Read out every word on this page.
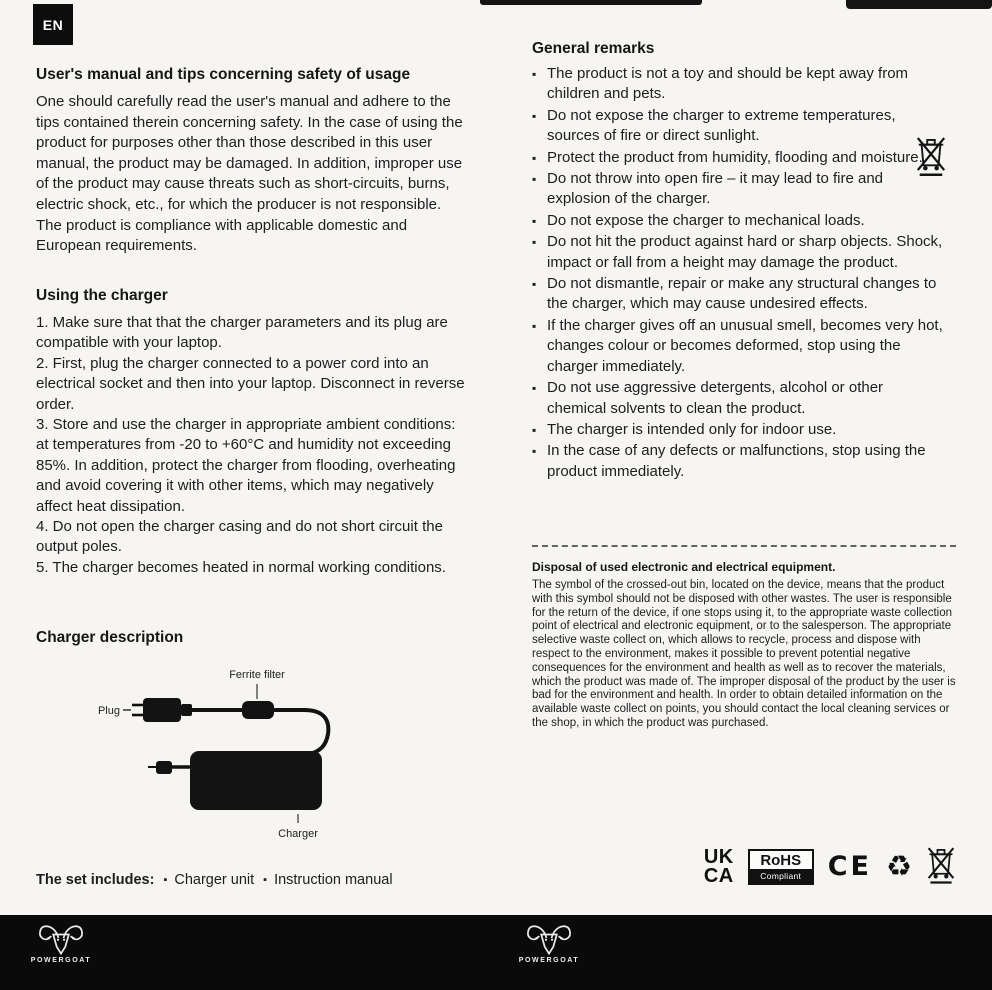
EN
User's manual and tips concerning safety of usage

One should carefully read the user's manual and adhere to the tips contained therein concerning safety. In the case of using the product for purposes other than those described in this user manual, the product may be damaged. In addition, improper use of the product may cause threats such as short-circuits, burns, electric shock, etc., for which the producer is not responsible. The product is compliance with applicable domestic and European requirements.

Using the charger

1. Make sure that that the charger parameters and its plug are compatible with your laptop.

2. First, plug the charger connected to a power cord into an electrical socket and then into your laptop. Disconnect in reverse order.

3. Store and use the charger in appropriate ambient conditions: at temperatures from -20 to +60°C and humidity not exceeding 85%. In addition, protect the charger from flooding, overheating and avoid covering it with other items, which may negatively affect heat dissipation.

4. Do not open the charger casing and do not short circuit the output poles.

5. The charger becomes heated in normal working conditions.

Charger description
Ferrite filter
Plug
Charger

The set includes: ▪ Charger unit ▪ Instruction manual

General remarks
▪ The product is not a toy and should be kept away from children and pets.
▪ Do not expose the charger to extreme temperatures, sources of fire or direct sunlight.
▪ Protect the product from humidity, flooding and moisture.
▪ Do not throw into open fire – it may lead to fire and explosion of the charger.
▪ Do not expose the charger to mechanical loads.
▪ Do not hit the product against hard or sharp objects. Shock, impact or fall from a height may damage the product.
▪ Do not dismantle, repair or make any structural changes to the charger, which may cause undesired effects.
▪ If the charger gives off an unusual smell, becomes very hot, changes colour or becomes deformed, stop using the charger immediately.
▪ Do not use aggressive detergents, alcohol or other chemical solvents to clean the product.
▪ The charger is intended only for indoor use.
▪ In the case of any defects or malfunctions, stop using the product immediately.
Disposal of used electronic and electrical equipment.

The symbol of the crossed-out bin, located on the device, means that the product with this symbol should not be disposed with other wastes. The user is responsible for the return of the device, if one stops using it, to the appropriate waste collection point of electrical and electronic equipment, or to the salesperson. The appropriate selective waste collect on, which allows to recycle, process and dispose with respect to the environment, makes it possible to prevent potential negative consequences for the environment and health as well as to recover the materials, which the product was made of. The improper disposal of the product by the user is bad for the environment and health. In order to obtain detailed information on the available waste collect on points, you should contact the local cleaning services or the shop, in which the product was purchased.

UK
CA
RoHS
Compliant CE
♻
POWERGOAT	POWERGOAT
